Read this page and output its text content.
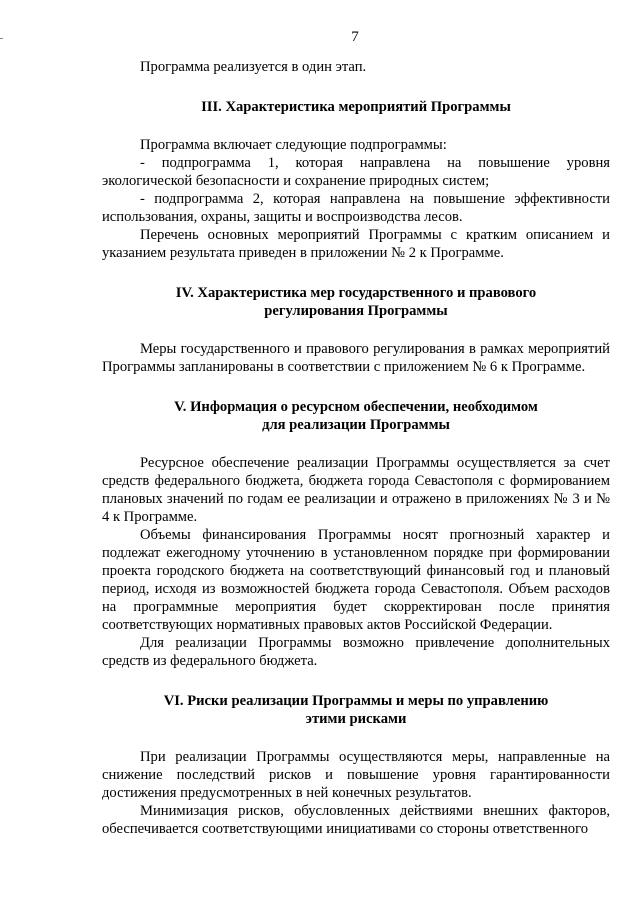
7

Программа реализуется в один этап.

III. Характеристика мероприятий Программы

Программа включает следующие подпрограммы:

- подпрограмма 1, которая направлена на повышение уровня экологической безопасности и сохранение природных систем;

- подпрограмма 2, которая направлена на повышение эффективности использования, охраны, защиты и воспроизводства лесов.

Перечень основных мероприятий Программы с кратким описанием и указанием результата приведен в приложении № 2 к Программе.

IV. Характеристика мер государственного и правового
регулирования Программы

Меры государственного и правового регулирования в рамках мероприятий Программы запланированы в соответствии с приложением № 6 к Программе.

V. Информация о ресурсном обеспечении, необходимом
для реализации Программы

Ресурсное обеспечение реализации Программы осуществляется за счет средств федерального бюджета, бюджета города Севастополя с формированием плановых значений по годам ее реализации и отражено в приложениях № 3 и № 4 к Программе.

Объемы финансирования Программы носят прогнозный характер и подлежат ежегодному уточнению в установленном порядке при формировании проекта городского бюджета на соответствующий финансовый год и плановый период, исходя из возможностей бюджета города Севастополя. Объем расходов на программные мероприятия будет скорректирован после принятия соответствующих нормативных правовых актов Российской Федерации.

Для реализации Программы возможно привлечение дополнительных средств из федерального бюджета.

VI. Риски реализации Программы и меры по управлению
этими рисками

При реализации Программы осуществляются меры, направленные на снижение последствий рисков и повышение уровня гарантированности достижения предусмотренных в ней конечных результатов.

Минимизация рисков, обусловленных действиями внешних факторов, обеспечивается соответствующими инициативами со стороны ответственного
